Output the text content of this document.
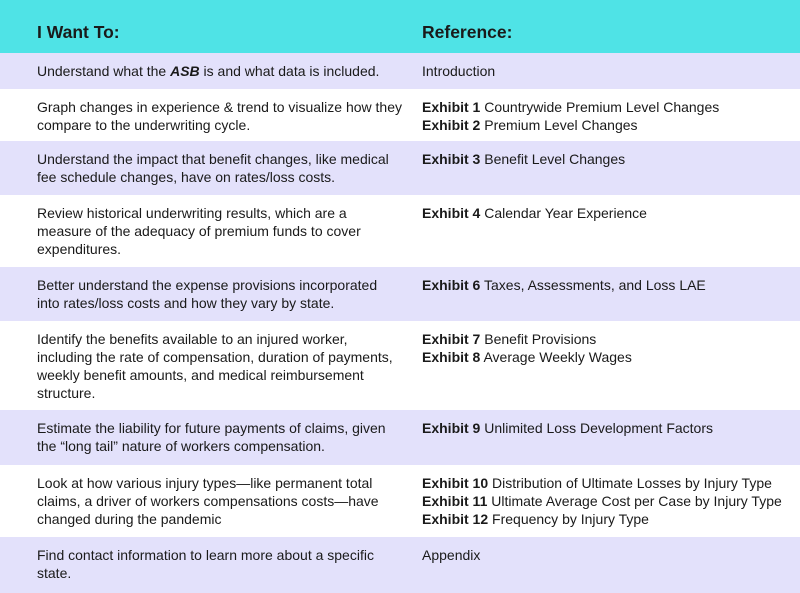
I Want To:	Reference:
Understand what the ASB is and what data is included.	Introduction
Graph changes in experience & trend to visualize how they compare to the underwriting cycle.
Exhibit 1 Countrywide Premium Level Changes
Exhibit 2 Premium Level Changes
Understand the impact that benefit changes, like medical fee schedule changes, have on rates/loss costs.
Exhibit 3 Benefit Level Changes
Review historical underwriting results, which are a measure of the adequacy of premium funds to cover expenditures.
Exhibit 4 Calendar Year Experience
Better understand the expense provisions incorporated into rates/loss costs and how they vary by state.
Exhibit 6 Taxes, Assessments, and Loss LAE
Identify the benefits available to an injured worker, including the rate of compensation, duration of payments, weekly benefit amounts, and medical reimbursement structure.
Exhibit 7 Benefit Provisions
Exhibit 8 Average Weekly Wages
Estimate the liability for future payments of claims, given the “long tail” nature of workers compensation.
Exhibit 9 Unlimited Loss Development Factors
Look at how various injury types—like permanent total claims, a driver of workers compensations costs—have changed during the pandemic
Exhibit 10 Distribution of Ultimate Losses by Injury Type
Exhibit 11 Ultimate Average Cost per Case by Injury Type
Exhibit 12 Frequency by Injury Type
Find contact information to learn more about a specific state.
Appendix
